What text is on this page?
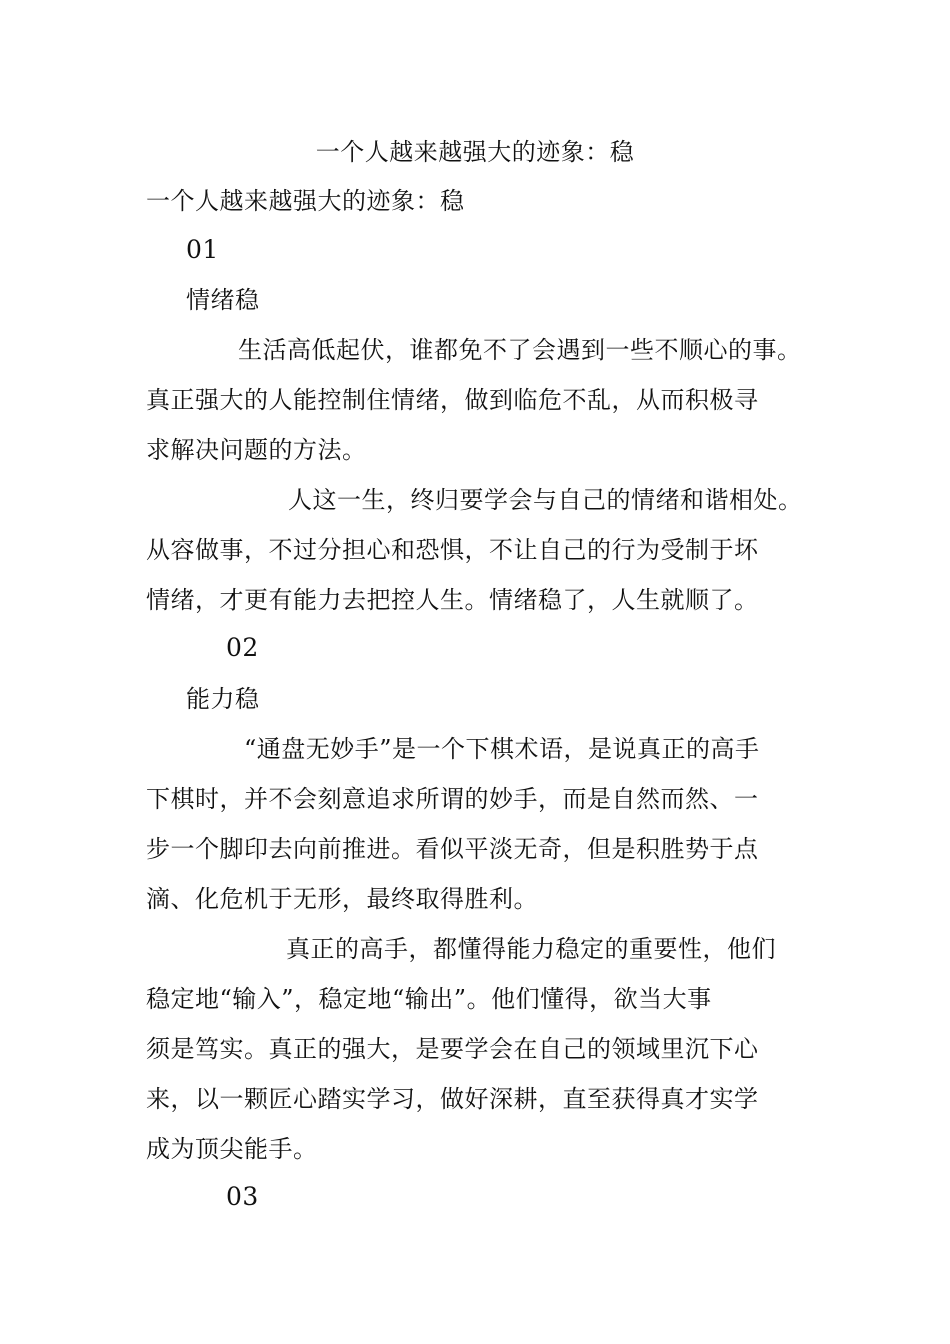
一个人越来越强大的迹象：稳
一个人越来越强大的迹象：稳
01
情绪稳
生活高低起伏，谁都免不了会遇到一些不顺心的事。
真正强大的人能控制住情绪，做到临危不乱，从而积极寻
求解决问题的方法。
人这一生，终归要学会与自己的情绪和谐相处。
从容做事，不过分担心和恐惧，不让自己的行为受制于坏
情绪，才更有能力去把控人生。情绪稳了，人生就顺了。
02
能力稳
“通盘无妙手”是一个下棋术语，是说真正的高手
下棋时，并不会刻意追求所谓的妙手，而是自然而然、一
步一个脚印去向前推进。看似平淡无奇，但是积胜势于点
滴、化危机于无形，最终取得胜利。
真正的高手，都懂得能力稳定的重要性，他们
稳定地“输入”，稳定地“输出”。他们懂得，欲当大事
须是笃实。真正的强大，是要学会在自己的领域里沉下心
来，以一颗匠心踏实学习，做好深耕，直至获得真才实学
成为顶尖能手。
03
